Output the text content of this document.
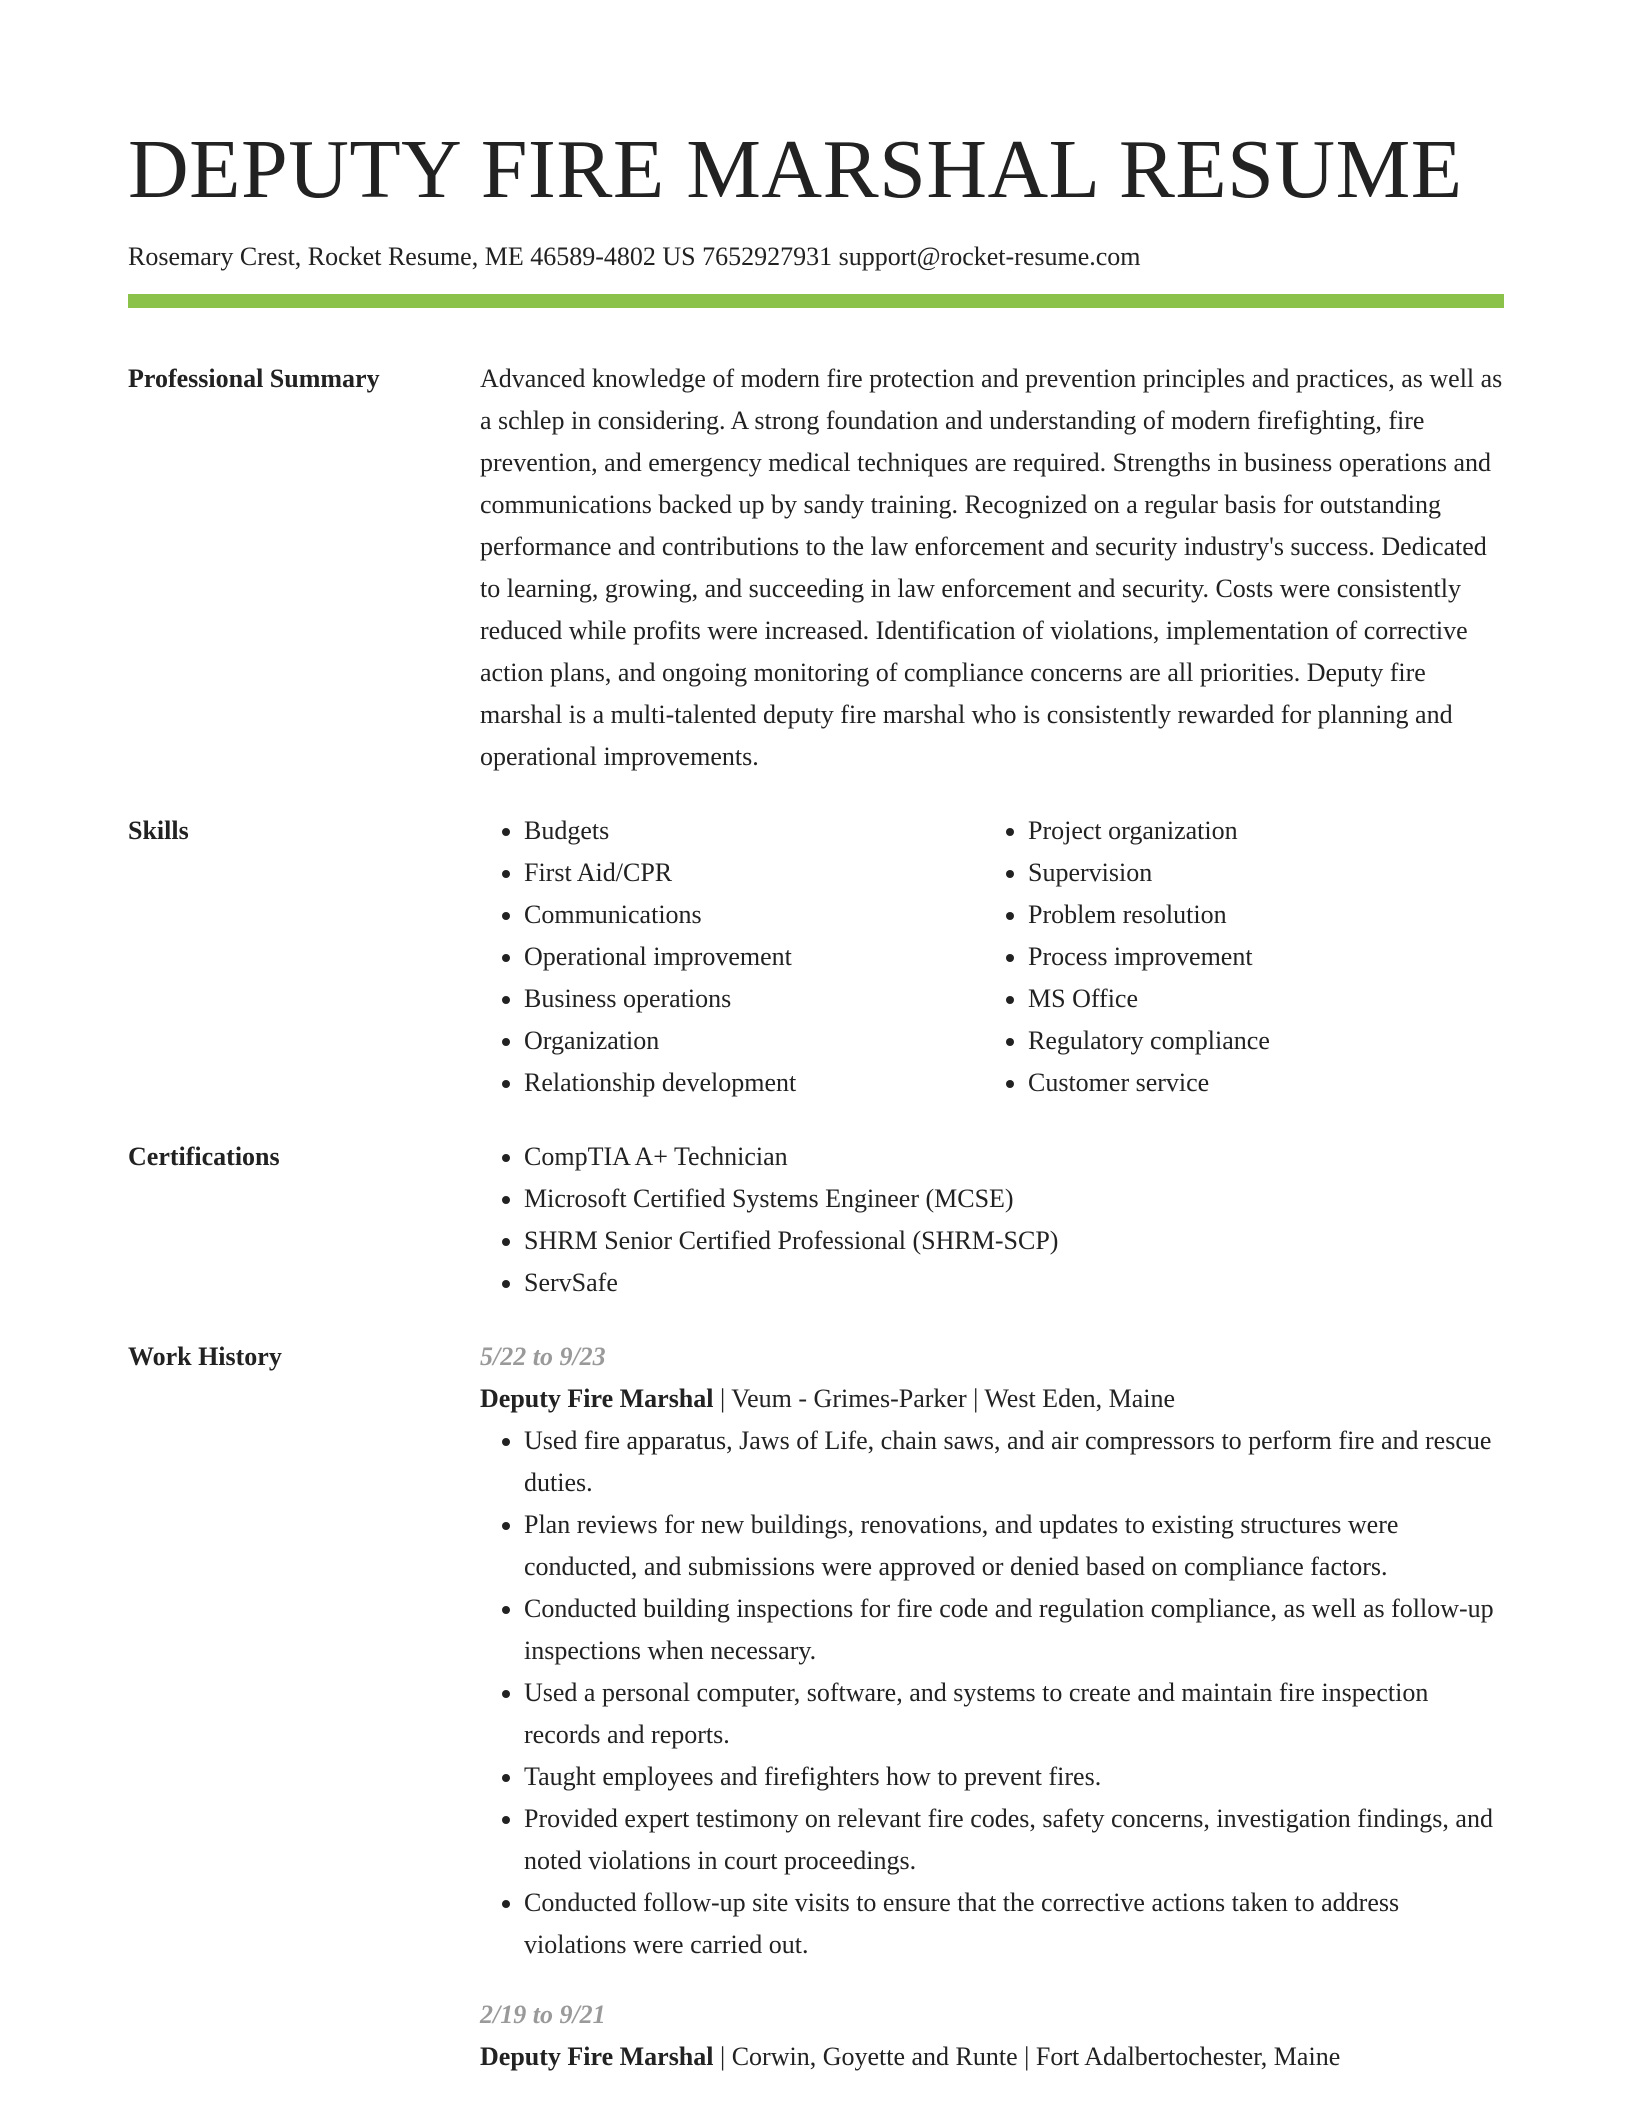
DEPUTY FIRE MARSHAL RESUME
Rosemary Crest, Rocket Resume, ME 46589-4802 US 7652927931 support@rocket-resume.com
Professional Summary	Advanced knowledge of modern fire protection and prevention principles and practices, as well as a schlep in considering. A strong foundation and understanding of modern firefighting, fire prevention, and emergency medical techniques are required. Strengths in business operations and communications backed up by sandy training. Recognized on a regular basis for outstanding performance and contributions to the law enforcement and security industry's success. Dedicated to learning, growing, and succeeding in law enforcement and security. Costs were consistently reduced while profits were increased. Identification of violations, implementation of corrective action plans, and ongoing monitoring of compliance concerns are all priorities. Deputy fire marshal is a multi-talented deputy fire marshal who is consistently rewarded for planning and operational improvements.

Skills	• Budgets
• First Aid/CPR
• Communications
• Operational improvement
• Business operations
• Organization
• Relationship development
• Project organization
• Supervision
• Problem resolution
• Process improvement
• MS Office
• Regulatory compliance
• Customer service
Certifications	• CompTIA A+ Technician
• Microsoft Certified Systems Engineer (MCSE)
• SHRM Senior Certified Professional (SHRM-SCP)
• ServSafe
Work History	5/22 to 9/23

Deputy Fire Marshal | Veum - Grimes-Parker | West Eden, Maine

• Used fire apparatus, Jaws of Life, chain saws, and air compressors to perform fire and rescue duties.
• Plan reviews for new buildings, renovations, and updates to existing structures were conducted, and submissions were approved or denied based on compliance factors.
• Conducted building inspections for fire code and regulation compliance, as well as follow-up inspections when necessary.
• Used a personal computer, software, and systems to create and maintain fire inspection records and reports.
• Taught employees and firefighters how to prevent fires.
• Provided expert testimony on relevant fire codes, safety concerns, investigation findings, and noted violations in court proceedings.
• Conducted follow-up site visits to ensure that the corrective actions taken to address violations were carried out.

2/19 to 9/21

Deputy Fire Marshal | Corwin, Goyette and Runte | Fort Adalbertochester, Maine
